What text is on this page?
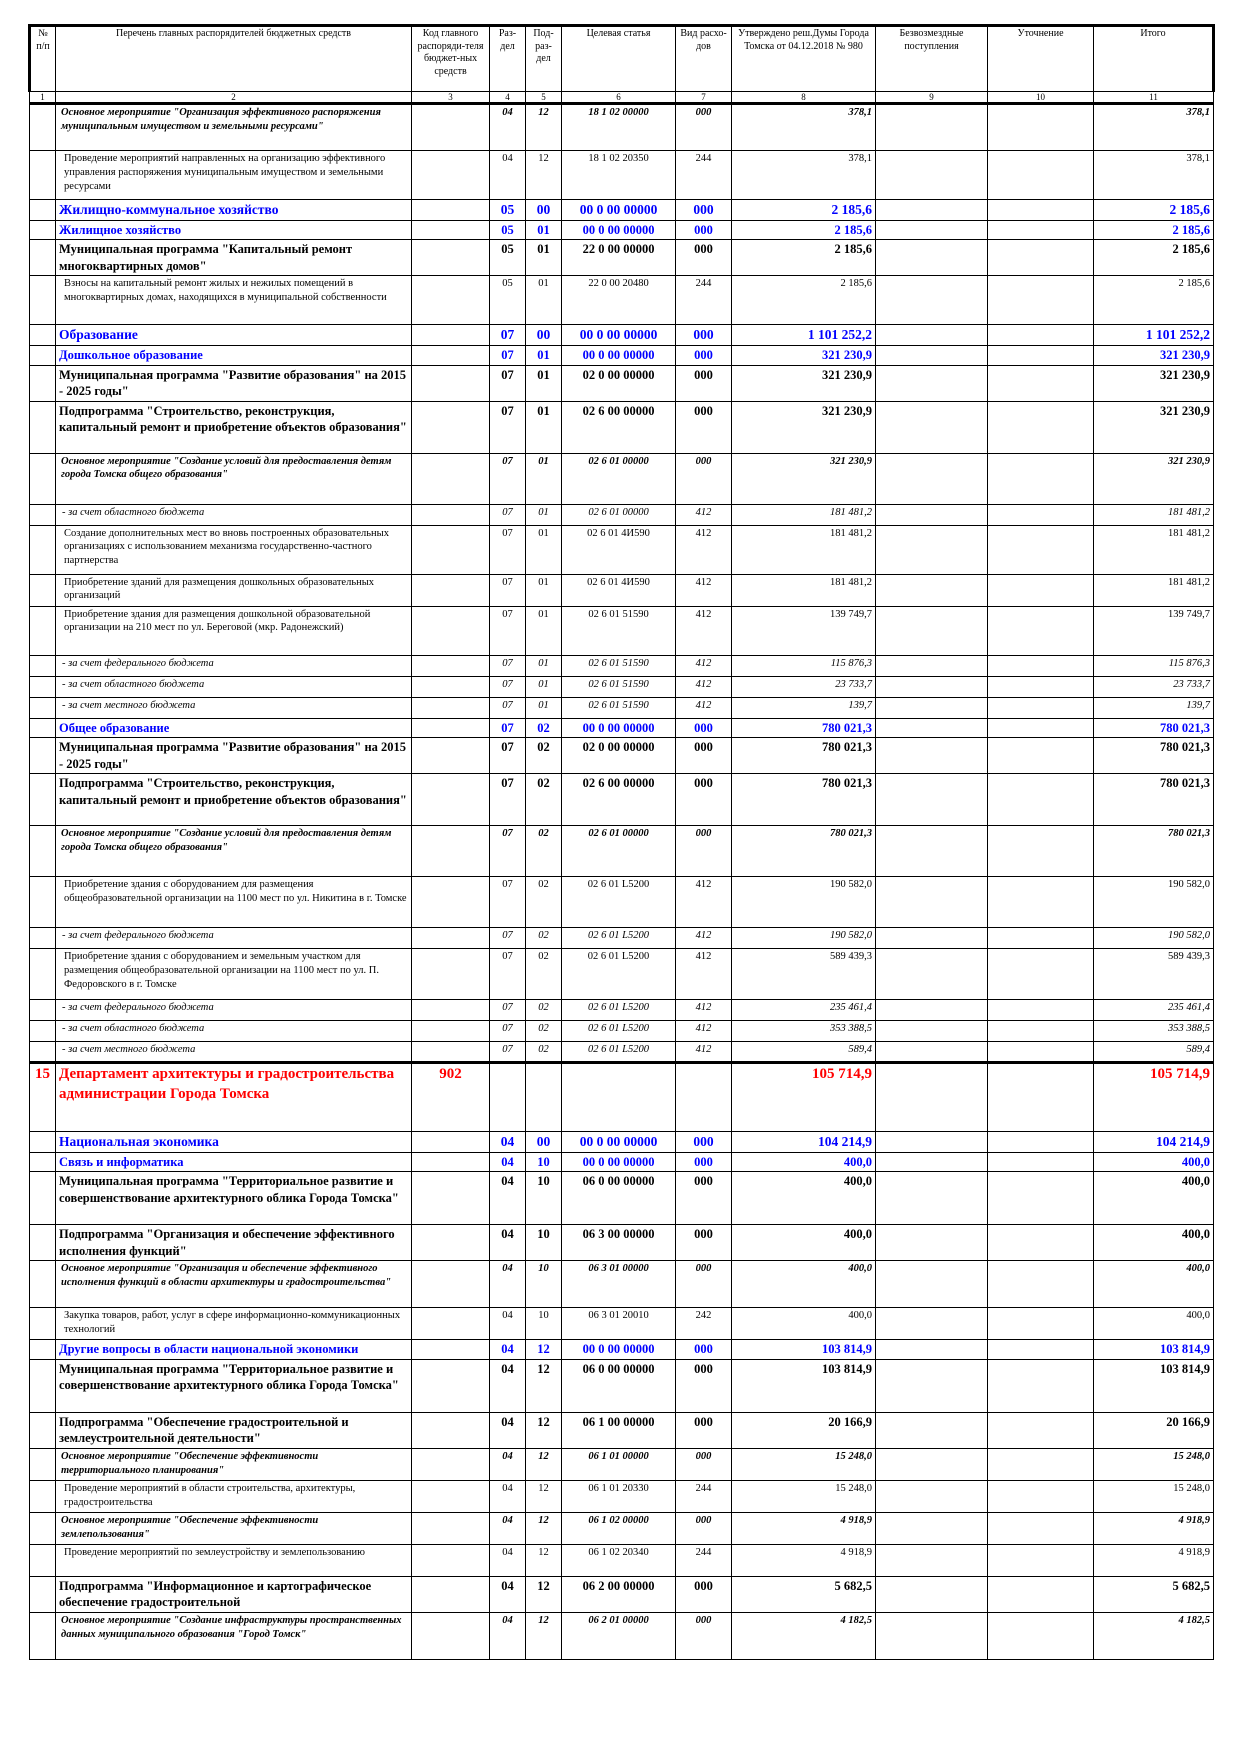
№ п/п	Перечень главных распорядителей бюджетных средств	Код главного распоряди-теля бюджет-ных средств	Раз-дел	Под-раз-дел	Целевая статья	Вид расхо-дов	Утверждено реш.Думы Города Томска от 04.12.2018 № 980	Безвозмездные поступления	Уточнение	Итого
1	2	3	4	5	6	7	8	9	10	11
	Основное мероприятие "Организация эффективного распоряжения муниципальным имуществом и земельными ресурсами"		04	12	18 1 02 00000	000	378,1			378,1
	Проведение мероприятий направленных на организацию эффективного управления распоряжения муниципальным имуществом и земельными ресурсами		04	12	18 1 02 20350	244	378,1			378,1
	Жилищно-коммунальное хозяйство		05	00	00 0 00 00000	000	2 185,6			2 185,6
	Жилищное хозяйство		05	01	00 0 00 00000	000	2 185,6			2 185,6
	Муниципальная программа "Капитальный ремонт многоквартирных домов"		05	01	22 0 00 00000	000	2 185,6			2 185,6
	Взносы на капитальный ремонт жилых и нежилых помещений в многоквартирных домах, находящихся в муниципальной собственности		05	01	22 0 00 20480	244	2 185,6			2 185,6
	Образование		07	00	00 0 00 00000	000	1 101 252,2			1 101 252,2
	Дошкольное образование		07	01	00 0 00 00000	000	321 230,9			321 230,9
	Муниципальная программа "Развитие образования" на 2015 - 2025 годы"		07	01	02 0 00 00000	000	321 230,9			321 230,9
	Подпрограмма "Строительство, реконструкция, капитальный ремонт и приобретение объектов образования"		07	01	02 6 00 00000	000	321 230,9			321 230,9
	Основное мероприятие "Создание условий для предоставления детям города Томска общего образования"		07	01	02 6 01 00000	000	321 230,9			321 230,9
	- за счет областного бюджета		07	01	02 6 01 00000	412	181 481,2			181 481,2
	Создание дополнительных мест во вновь построенных образовательных организациях с использованием механизма государственно-частного партнерства		07	01	02 6 01 4И590	412	181 481,2			181 481,2
	Приобретение зданий для размещения дошкольных образовательных организаций		07	01	02 6 01 4И590	412	181 481,2			181 481,2
	Приобретение здания для размещения дошкольной образовательной организации на 210 мест по ул. Береговой (мкр. Радонежский)		07	01	02 6 01 51590	412	139 749,7			139 749,7
	- за счет федерального бюджета		07	01	02 6 01 51590	412	115 876,3			115 876,3
	- за счет областного бюджета		07	01	02 6 01 51590	412	23 733,7			23 733,7
	- за счет местного бюджета		07	01	02 6 01 51590	412	139,7			139,7
	Общее образование		07	02	00 0 00 00000	000	780 021,3			780 021,3
	Муниципальная программа "Развитие образования" на 2015 - 2025 годы"		07	02	02 0 00 00000	000	780 021,3			780 021,3
	Подпрограмма "Строительство, реконструкция, капитальный ремонт и приобретение объектов образования"		07	02	02 6 00 00000	000	780 021,3			780 021,3
	Основное мероприятие "Создание условий для предоставления детям города Томска общего образования"		07	02	02 6 01 00000	000	780 021,3			780 021,3
	Приобретение здания с оборудованием для размещения общеобразовательной организации на 1100 мест по ул. Никитина в г. Томске		07	02	02 6 01 L5200	412	190 582,0			190 582,0
	- за счет федерального бюджета		07	02	02 6 01 L5200	412	190 582,0			190 582,0
	Приобретение здания с оборудованием и земельным участком для размещения общеобразовательной организации на 1100 мест по ул. П. Федоровского в г. Томске		07	02	02 6 01 L5200	412	589 439,3			589 439,3
	- за счет федерального бюджета		07	02	02 6 01 L5200	412	235 461,4			235 461,4
	- за счет областного бюджета		07	02	02 6 01 L5200	412	353 388,5			353 388,5
	- за счет местного бюджета		07	02	02 6 01 L5200	412	589,4			589,4
15	Департамент архитектуры и градостроительства администрации Города Томска	902					105 714,9			105 714,9
	Национальная экономика		04	00	00 0 00 00000	000	104 214,9			104 214,9
	Связь и информатика		04	10	00 0 00 00000	000	400,0			400,0
	Муниципальная программа "Территориальное развитие и совершенствование архитектурного облика Города Томска"		04	10	06 0 00 00000	000	400,0			400,0
	Подпрограмма "Организация и обеспечение эффективного исполнения функций"		04	10	06 3 00 00000	000	400,0			400,0
	Основное мероприятие "Организация и обеспечение эффективного исполнения функций в области архитектуры и градостроительства"		04	10	06 3 01 00000	000	400,0			400,0
	Закупка товаров, работ, услуг в сфере информационно-коммуникационных технологий		04	10	06 3 01 20010	242	400,0			400,0
	Другие вопросы в области национальной экономики		04	12	00 0 00 00000	000	103 814,9			103 814,9
	Муниципальная программа "Территориальное развитие и совершенствование архитектурного облика Города Томска"		04	12	06 0 00 00000	000	103 814,9			103 814,9
	Подпрограмма "Обеспечение градостроительной и землеустроительной деятельности"		04	12	06 1 00 00000	000	20 166,9			20 166,9
	Основное мероприятие "Обеспечение эффективности территориального планирования"		04	12	06 1 01 00000	000	15 248,0			15 248,0
	Проведение мероприятий в области строительства, архитектуры, градостроительства		04	12	06 1 01 20330	244	15 248,0			15 248,0
	Основное мероприятие "Обеспечение эффективности землепользования"		04	12	06 1 02 00000	000	4 918,9			4 918,9
	Проведение мероприятий по землеустройству и землепользованию		04	12	06 1 02 20340	244	4 918,9			4 918,9
	Подпрограмма "Информационное и картографическое обеспечение градостроительной		04	12	06 2 00 00000	000	5 682,5			5 682,5
	Основное мероприятие "Создание инфраструктуры пространственных данных муниципального образования "Город Томск"		04	12	06 2 01 00000	000	4 182,5			4 182,5
